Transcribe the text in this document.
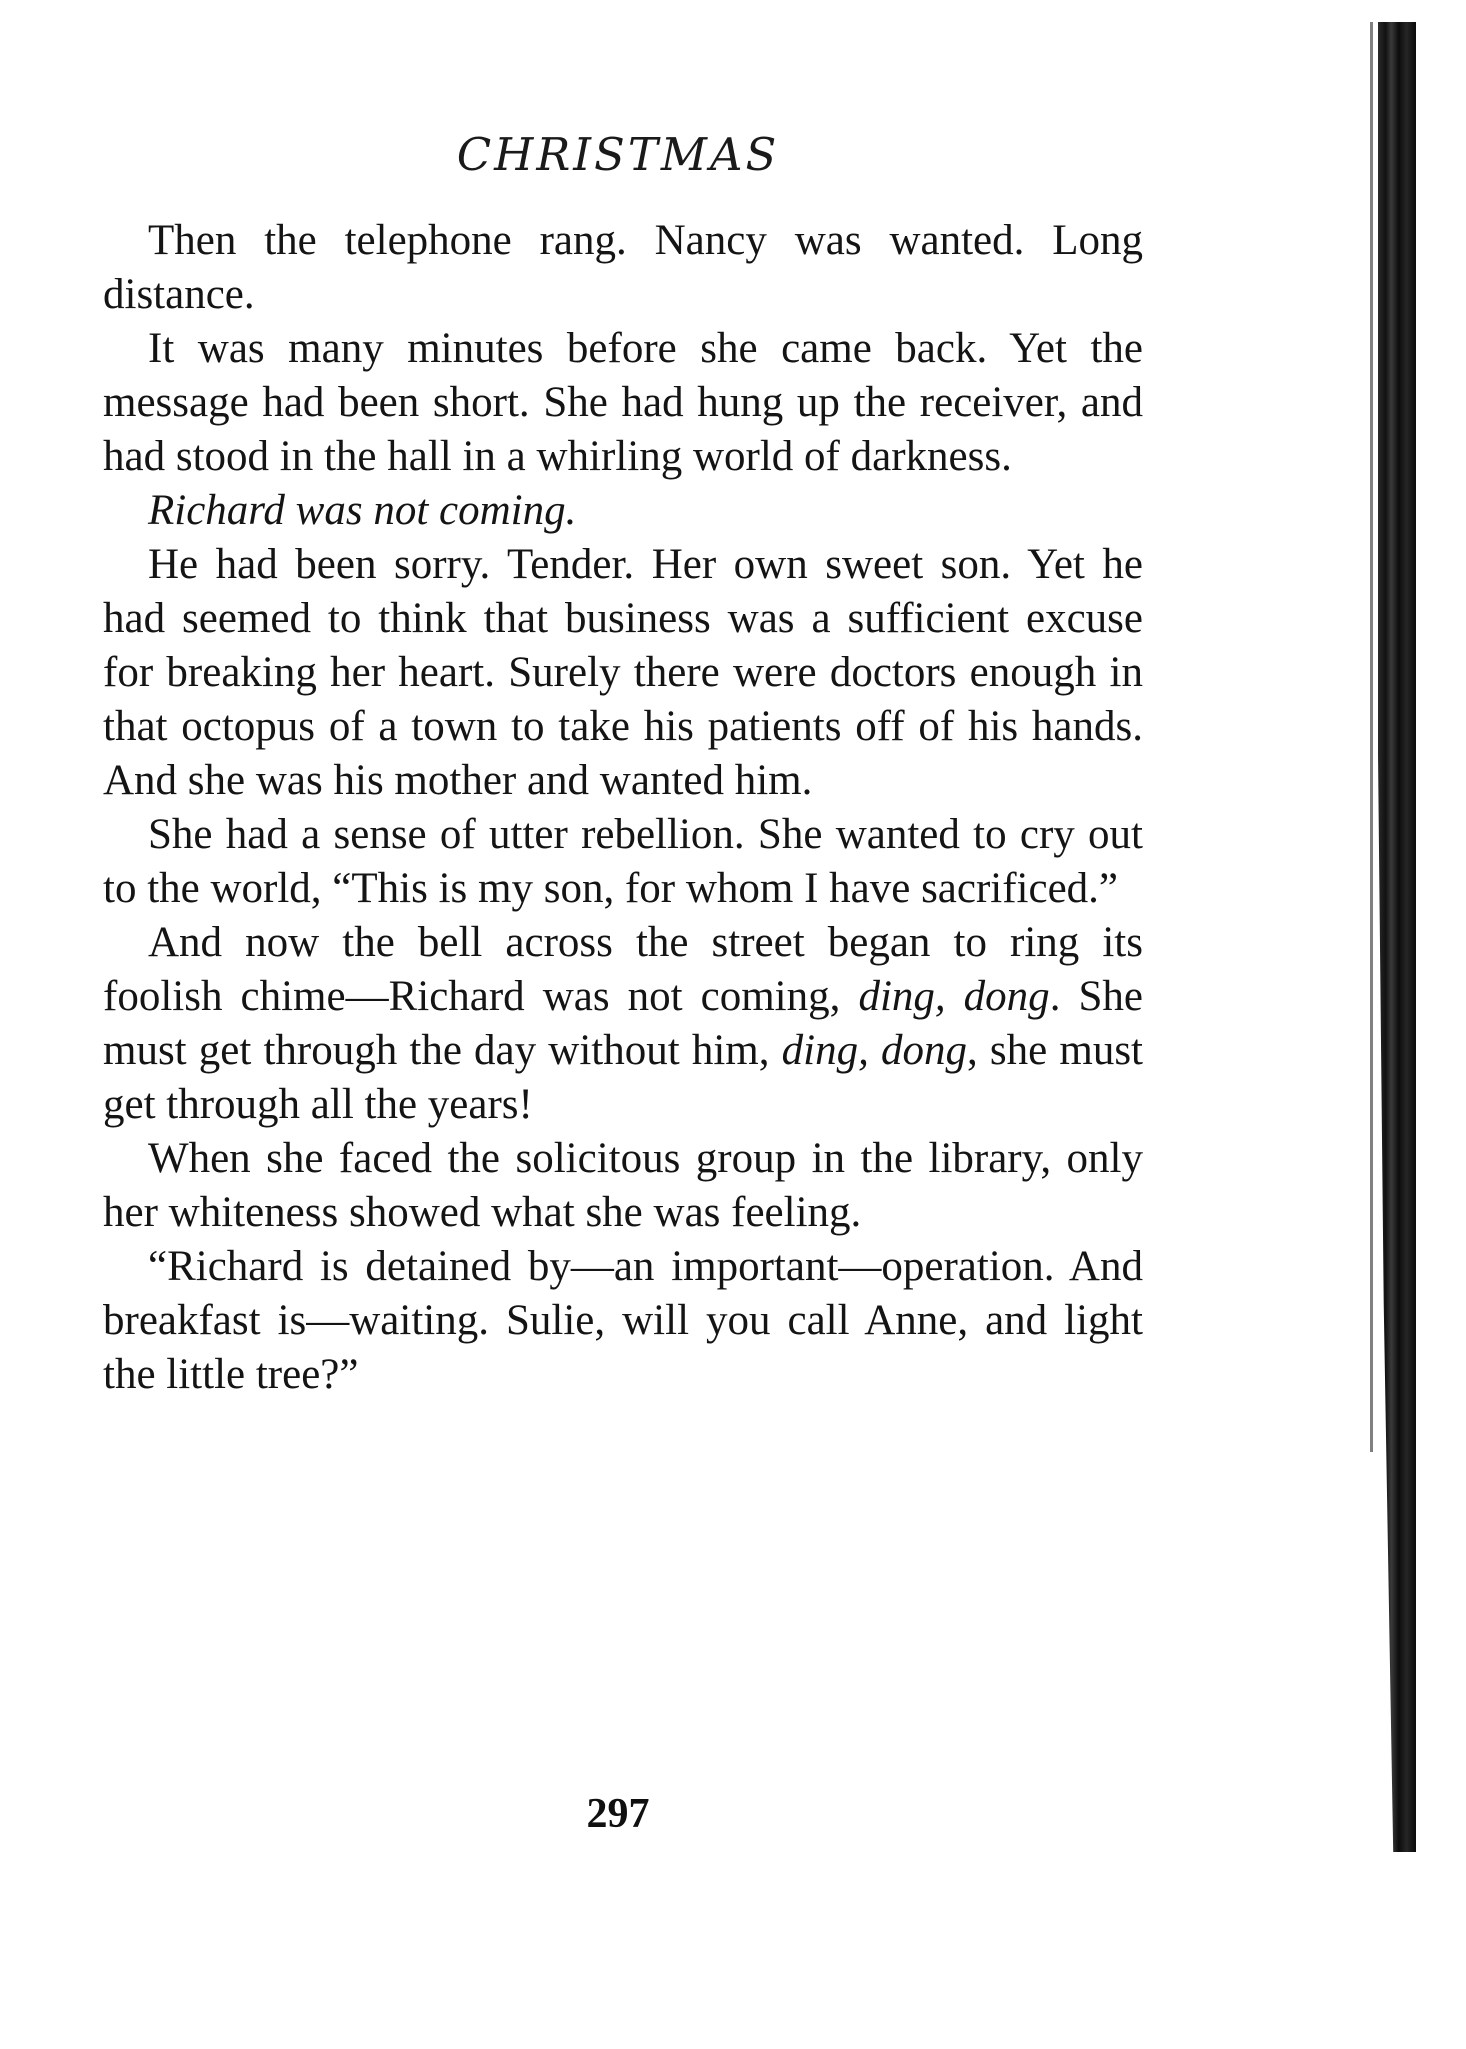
CHRISTMAS

Then the telephone rang. Nancy was wanted. Long distance.

It was many minutes before she came back. Yet the message had been short. She had hung up the receiver, and had stood in the hall in a whirling world of darkness.

Richard was not coming.

He had been sorry. Tender. Her own sweet son. Yet he had seemed to think that business was a sufficient excuse for breaking her heart. Surely there were doctors enough in that octopus of a town to take his patients off of his hands. And she was his mother and wanted him.

She had a sense of utter rebellion. She wanted to cry out to the world, “This is my son, for whom I have sacrificed.”

And now the bell across the street began to ring its foolish chime—Richard was not coming, ding, dong. She must get through the day without him, ding, dong, she must get through all the years!

When she faced the solicitous group in the library, only her whiteness showed what she was feeling.

“Richard is detained by—an important—operation. And breakfast is—waiting. Sulie, will you call Anne, and light the little tree?”

297
